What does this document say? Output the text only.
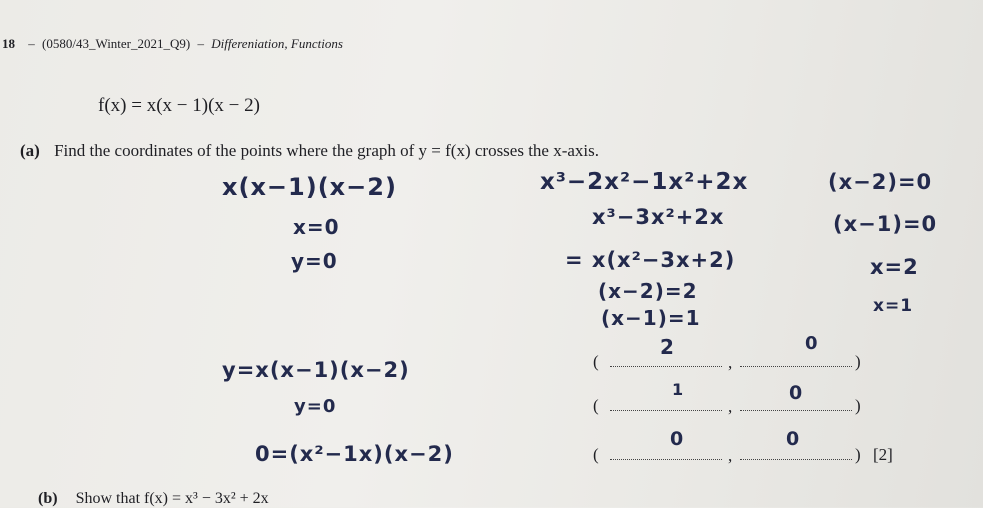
18 – (0580/43_Winter_2021_Q9) – Differeniation, Functions
f(x) = x(x − 1)(x − 2)
(a) Find the coordinates of the points where the graph of y = f(x) crosses the x-axis.
x(x−1)(x−2)
x=0
y=0
y=x(x−1)(x−2)
y=0
0=(x²−1x)(x−2)
x³−2x²−1x²+2x
x³−3x²+2x
= x(x²−3x+2)
(x−2)=2
(x−1)=1
(x−2)=0
(x−1)=0
x=2
x=1
(
2
,
0
)
(
1
,
0
)
(
0
,
0
) [2]
(b) Show that f(x) = x³ − 3x² + 2x
